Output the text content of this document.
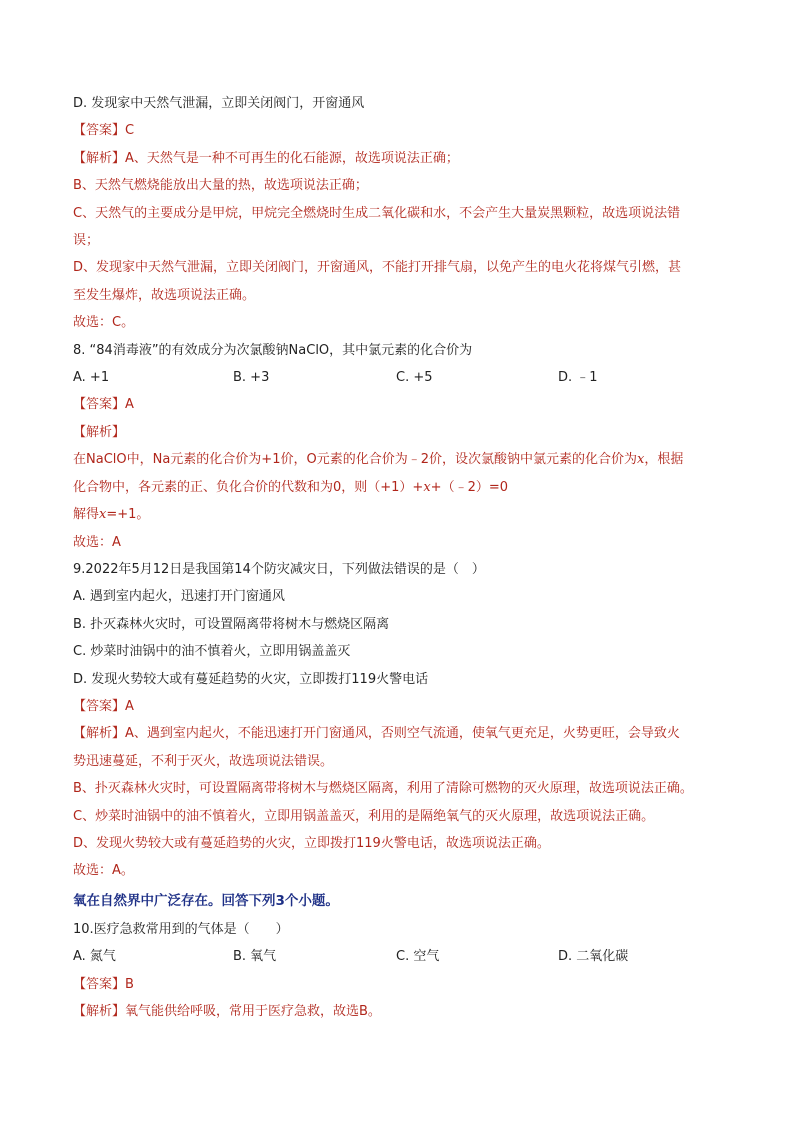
D. 发现家中天然气泄漏，立即关闭阀门，开窗通风
【答案】C
【解析】A、天然气是一种不可再生的化石能源，故选项说法正确；
B、天然气燃烧能放出大量的热，故选项说法正确；
C、天然气的主要成分是甲烷，甲烷完全燃烧时生成二氧化碳和水，不会产生大量炭黑颗粒，故选项说法错
误；
D、发现家中天然气泄漏，立即关闭阀门，开窗通风，不能打开排气扇，以免产生的电火花将煤气引燃，甚
至发生爆炸，故选项说法正确。
故选：C。
8. “84消毒液”的有效成分为次氯酸钠NaClO，其中氯元素的化合价为
A. +1	B. +3	C. +5	D. ﹣1
【答案】A
【解析】
在NaClO中，Na元素的化合价为+1价，O元素的化合价为﹣2价，设次氯酸钠中氯元素的化合价为x，根据
化合物中，各元素的正、负化合价的代数和为0，则（+1）+x+（﹣2）=0
解得x=+1。
故选：A
9.2022年5月12日是我国第14个防灾减灾日，下列做法错误的是（　）
A. 遇到室内起火，迅速打开门窗通风
B. 扑灭森林火灾时，可设置隔离带将树木与燃烧区隔离
C. 炒菜时油锅中的油不慎着火，立即用锅盖盖灭
D. 发现火势较大或有蔓延趋势的火灾，立即拨打119火警电话
【答案】A
【解析】A、遇到室内起火，不能迅速打开门窗通风，否则空气流通，使氧气更充足，火势更旺，会导致火
势迅速蔓延，不利于灭火，故选项说法错误。
B、扑灭森林火灾时，可设置隔离带将树木与燃烧区隔离，利用了清除可燃物的灭火原理，故选项说法正确。
C、炒菜时油锅中的油不慎着火，立即用锅盖盖灭，利用的是隔绝氧气的灭火原理，故选项说法正确。
D、发现火势较大或有蔓延趋势的火灾，立即拨打119火警电话，故选项说法正确。
故选：A。
氧在自然界中广泛存在。回答下列3个小题。
10.医疗急救常用到的气体是（　　）
A. 氮气	B. 氧气	C. 空气	D. 二氧化碳
【答案】B
【解析】氧气能供给呼吸，常用于医疗急救，故选B。
